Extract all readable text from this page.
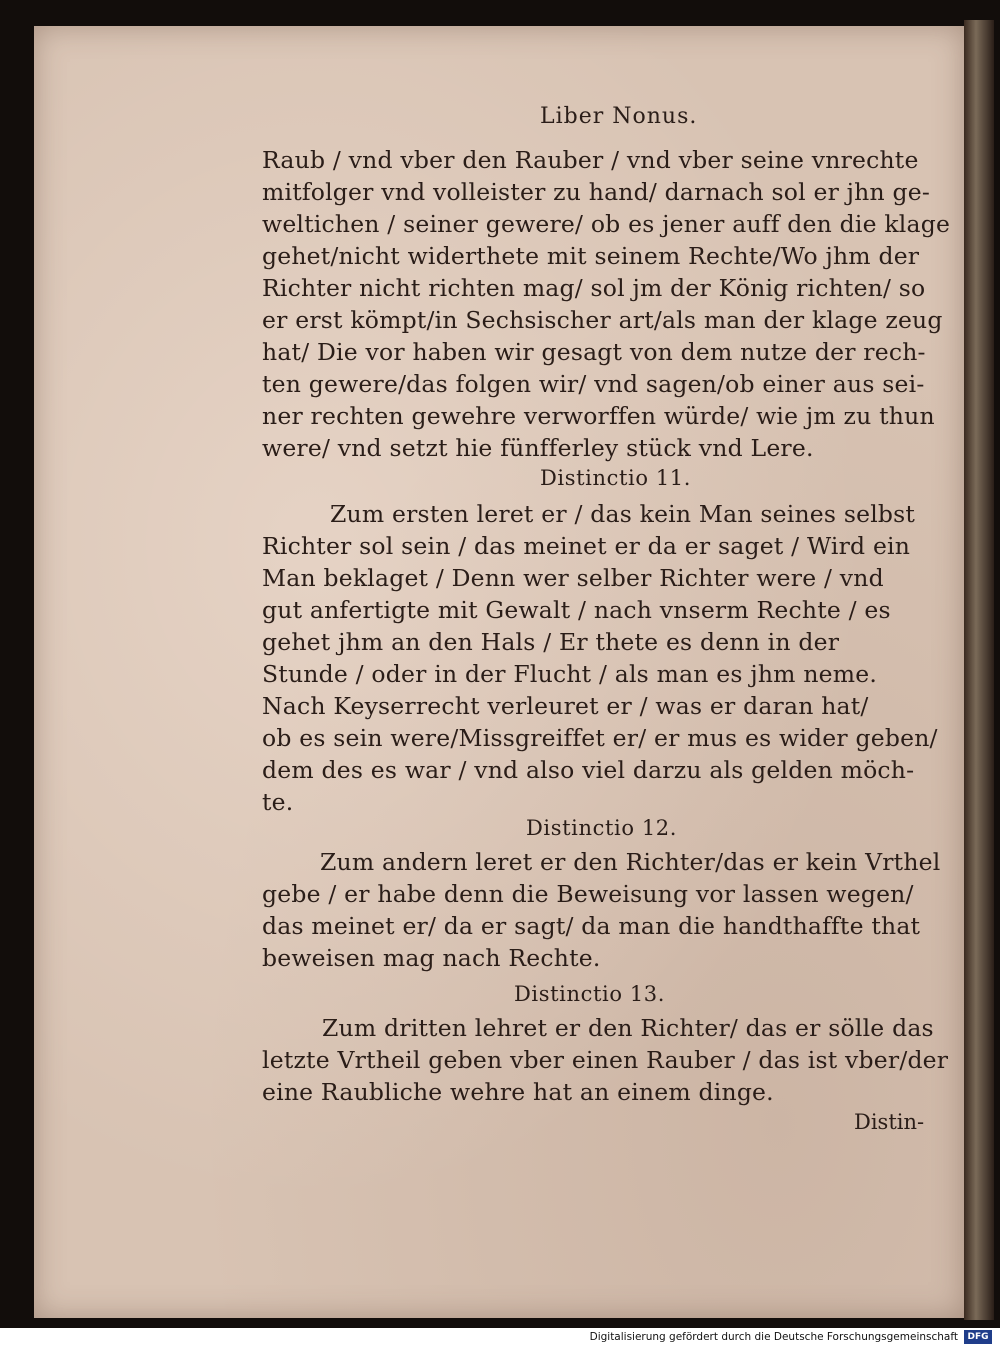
Liber Nonus.
Raub / vnd vber den Rauber / vnd vber seine vnrechte
mitfolger vnd volleister zu hand/ darnach sol er jhn ge-
weltichen / seiner gewere/ ob es jener auff den die klage
gehet/nicht widerthete mit seinem Rechte/Wo jhm der
Richter nicht richten mag/ sol jm der König richten/ so
er erst kömpt/in Sechsischer art/als man der klage zeug
hat/ Die vor haben wir gesagt von dem nutze der rech-
ten gewere/das folgen wir/ vnd sagen/ob einer aus sei-
ner rechten gewehre verworffen würde/ wie jm zu thun
were/ vnd setzt hie fünfferley stück vnd Lere.
Distinctio 11.
Zum ersten leret er / das kein Man seines selbst
Richter sol sein / das meinet er da er saget / Wird ein
Man beklaget / Denn wer selber Richter were / vnd
gut anfertigte mit Gewalt / nach vnserm Rechte / es
gehet jhm an den Hals / Er thete es denn in der
Stunde / oder in der Flucht / als man es jhm neme.
Nach Keyserrecht verleuret er / was er daran hat/
ob es sein were/Missgreiffet er/ er mus es wider geben/
dem des es war / vnd also viel darzu als gelden möch-
te.
Distinctio 12.
Zum andern leret er den Richter/das er kein Vrthel
gebe / er habe denn die Beweisung vor lassen wegen/
das meinet er/ da er sagt/ da man die handthaffte that
beweisen mag nach Rechte.
Distinctio 13.
Zum dritten lehret er den Richter/ das er sölle das
letzte Vrtheil geben vber einen Rauber / das ist vber/der
eine Raubliche wehre hat an einem dinge.
Distin-
Digitalisierung gefördert durch die Deutsche Forschungsgemeinschaft	DFG
